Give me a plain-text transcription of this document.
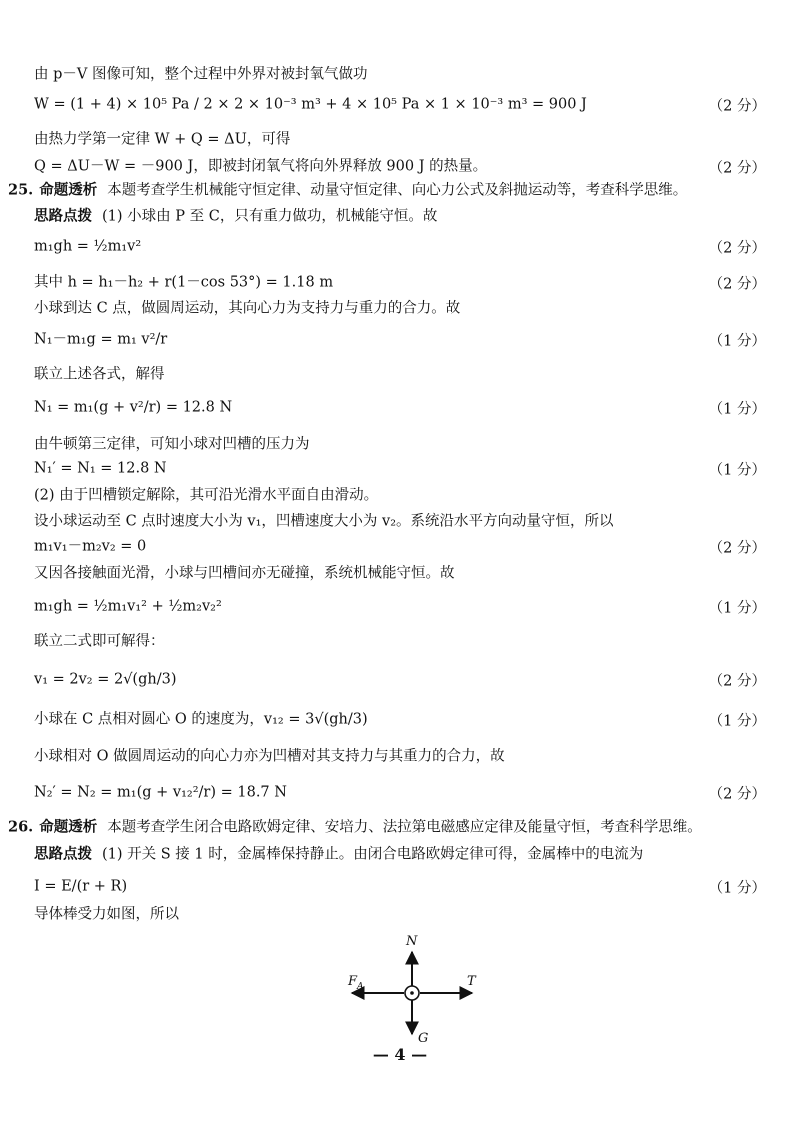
由 p－V 图像可知，整个过程中外界对被封氧气做功
W = (1 + 4) × 10⁵ Pa / 2 × 2 × 10⁻³ m³ + 4 × 10⁵ Pa × 1 × 10⁻³ m³ = 900 J	（2 分）
由热力学第一定律 W + Q = ΔU，可得
Q = ΔU－W = －900 J，即被封闭氧气将向外界释放 900 J 的热量。	（2 分）
25. 命题透析 本题考查学生机械能守恒定律、动量守恒定律、向心力公式及斜抛运动等，考查科学思维。
思路点拨 (1) 小球由 P 至 C，只有重力做功，机械能守恒。故
m₁gh = ½m₁v²	（2 分）
其中 h = h₁－h₂ + r(1－cos 53°) = 1.18 m	（2 分）
小球到达 C 点，做圆周运动，其向心力为支持力与重力的合力。故
N₁－m₁g = m₁ v²/r	（1 分）
联立上述各式，解得
N₁ = m₁(g + v²/r) = 12.8 N	（1 分）
由牛顿第三定律，可知小球对凹槽的压力为
N₁′ = N₁ = 12.8 N	（1 分）
(2) 由于凹槽锁定解除，其可沿光滑水平面自由滑动。
设小球运动至 C 点时速度大小为 v₁，凹槽速度大小为 v₂。系统沿水平方向动量守恒，所以
m₁v₁－m₂v₂ = 0	（2 分）
又因各接触面光滑，小球与凹槽间亦无碰撞，系统机械能守恒。故
m₁gh = ½m₁v₁² + ½m₂v₂²	（1 分）
联立二式即可解得：
v₁ = 2v₂ = 2√(gh/3)	（2 分）
小球在 C 点相对圆心 O 的速度为，v₁₂ = 3√(gh/3)	（1 分）
小球相对 O 做圆周运动的向心力亦为凹槽对其支持力与其重力的合力，故
N₂′ = N₂ = m₁(g + v₁₂²/r) = 18.7 N	（2 分）
26. 命题透析 本题考查学生闭合电路欧姆定律、安培力、法拉第电磁感应定律及能量守恒，考查科学思维。
思路点拨 (1) 开关 S 接 1 时，金属棒保持静止。由闭合电路欧姆定律可得，金属棒中的电流为
I = E/(r + R)	（1 分）
导体棒受力如图，所以
N
F A	T
G
— 4 —
